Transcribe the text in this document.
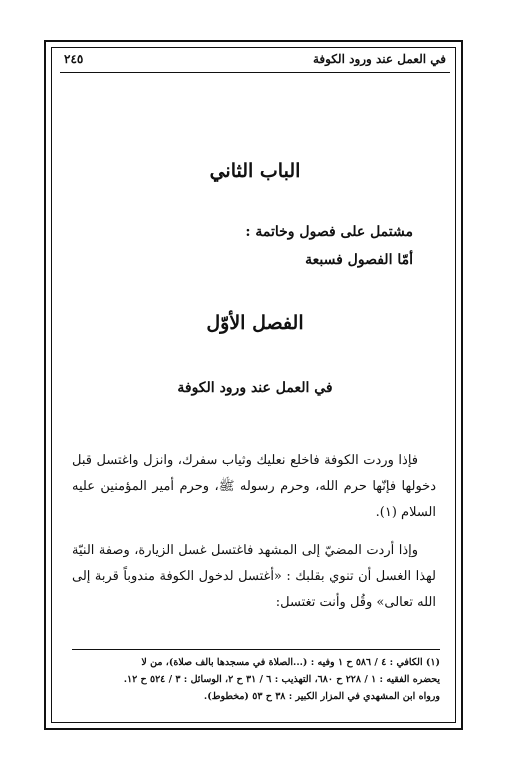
في العمل عند ورود الكوفة
٢٤٥
الباب الثاني
مشتمل على فصول وخاتمة :
أمّا الفصول فسبعة
الفصل الأوّل
في العمل عند ورود الكوفة
فإذا وردت الكوفة فاخلع نعليك وثياب سفرك، وانزل واغتسل قبل دخولها فإنّها حرم الله، وحرم رسوله ﷺ، وحرم أمير المؤمنين عليه السلام (١).
وإذا أردت المضيّ إلى المشهد فاغتسل غسل الزيارة، وصفة النيّة لهذا الغسل أن تنوي بقلبك : «أغتسل لدخول الكوفة مندوباً قربة إلى الله تعالى» وقُل وأنت تغتسل:
(١) الكافي : ٤ / ٥٨٦ ح ١ وفيه : (...الصلاة في مسجدها بالف صلاة)، من لا
يحضره الفقيه : ١ / ٢٢٨ ح ٦٨٠، التهذيب : ٦ / ٣١ ح ٢، الوسائل : ٣ / ٥٢٤ ح ١٢.
ورواه ابن المشهدي في المزار الكبير : ٣٨ ح ٥٣ (مخطوط).
